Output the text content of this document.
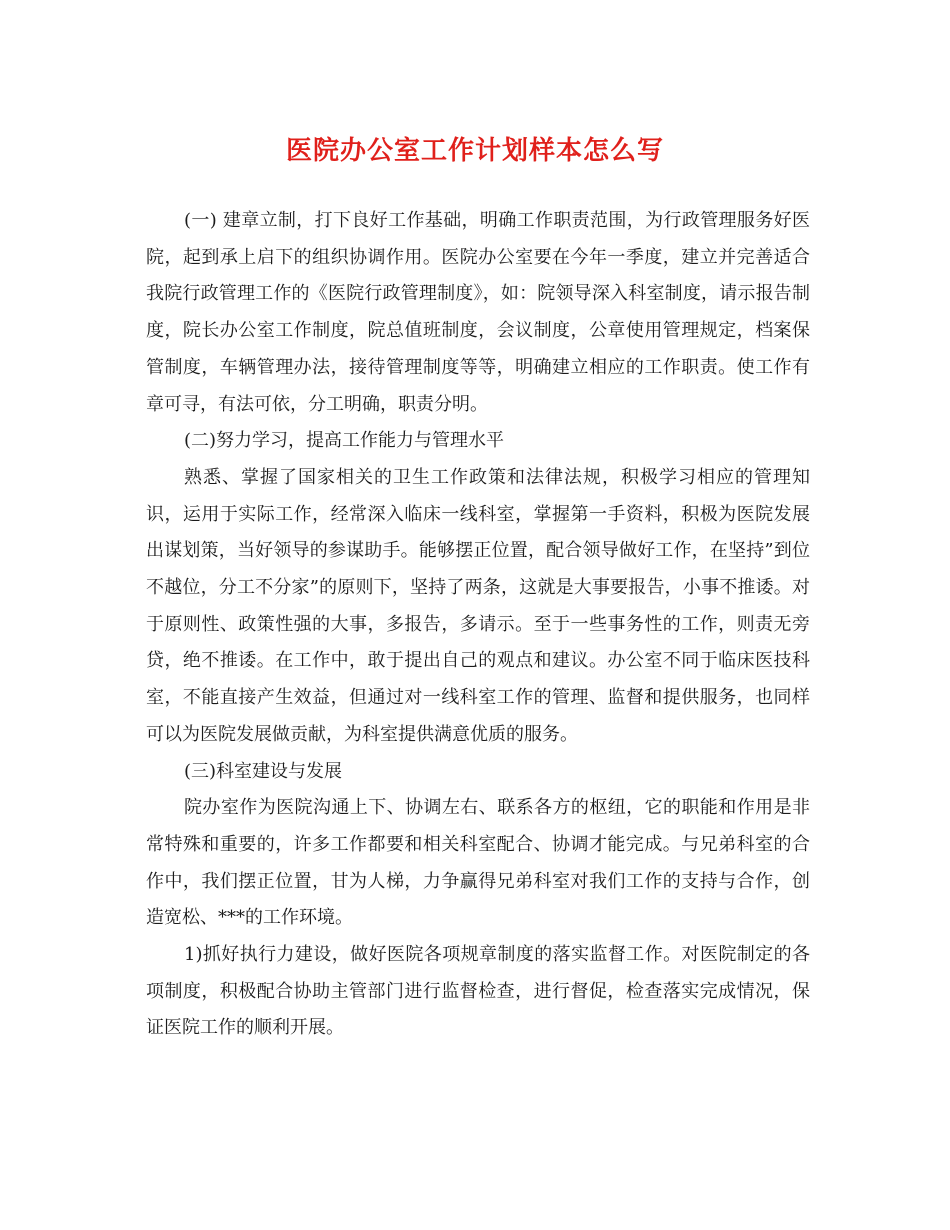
医院办公室工作计划样本怎么写

(一) 建章立制，打下良好工作基础，明确工作职责范围，为行政管理服务好医院，起到承上启下的组织协调作用。医院办公室要在今年一季度，建立并完善适合我院行政管理工作的《医院行政管理制度》，如：院领导深入科室制度，请示报告制度，院长办公室工作制度，院总值班制度，会议制度，公章使用管理规定，档案保管制度，车辆管理办法，接待管理制度等等，明确建立相应的工作职责。使工作有章可寻，有法可依，分工明确，职责分明。

(二)努力学习，提高工作能力与管理水平

熟悉、掌握了国家相关的卫生工作政策和法律法规，积极学习相应的管理知识，运用于实际工作，经常深入临床一线科室，掌握第一手资料，积极为医院发展出谋划策，当好领导的参谋助手。能够摆正位置，配合领导做好工作，在坚持”到位不越位，分工不分家”的原则下，坚持了两条，这就是大事要报告，小事不推诿。对于原则性、政策性强的大事，多报告，多请示。至于一些事务性的工作，则责无旁贷，绝不推诿。在工作中，敢于提出自己的观点和建议。办公室不同于临床医技科室，不能直接产生效益，但通过对一线科室工作的管理、监督和提供服务，也同样可以为医院发展做贡献，为科室提供满意优质的服务。

(三)科室建设与发展

院办室作为医院沟通上下、协调左右、联系各方的枢纽，它的职能和作用是非常特殊和重要的，许多工作都要和相关科室配合、协调才能完成。与兄弟科室的合作中，我们摆正位置，甘为人梯，力争赢得兄弟科室对我们工作的支持与合作，创造宽松、***的工作环境。

1)抓好执行力建设，做好医院各项规章制度的落实监督工作。对医院制定的各项制度，积极配合协助主管部门进行监督检查，进行督促，检查落实完成情况，保证医院工作的顺利开展。
